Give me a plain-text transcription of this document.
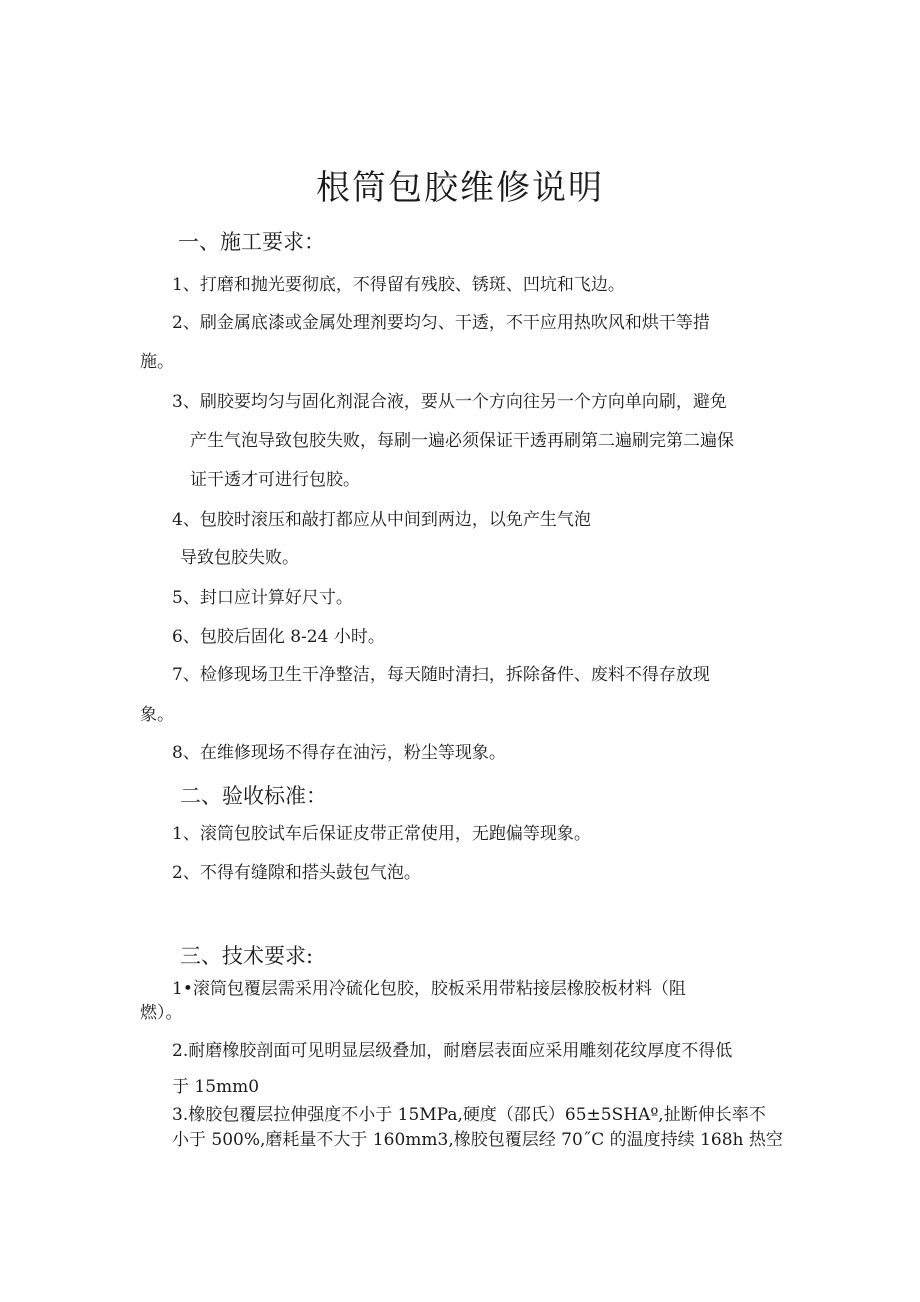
根筒包胶维修说明
一、施工要求：
1、打磨和抛光要彻底，不得留有残胶、锈斑、凹坑和飞边。
2、刷金属底漆或金属处理剂要均匀、干透，不干应用热吹风和烘干等措
施。
3、刷胶要均匀与固化剂混合液，要从一个方向往另一个方向单向刷，避免
产生气泡导致包胶失败，每刷一遍必须保证干透再刷第二遍刷完第二遍保
证干透才可进行包胶。
4、包胶时滚压和敲打都应从中间到两边，以免产生气泡
导致包胶失败。
5、封口应计算好尺寸。
6、包胶后固化 8-24 小时。
7、检修现场卫生干净整洁，每天随时清扫，拆除备件、废料不得存放现
象。
8、在维修现场不得存在油污，粉尘等现象。
二、验收标准：
1、滚筒包胶试车后保证皮带正常使用，无跑偏等现象。
2、不得有缝隙和搭头鼓包气泡。
三、技术要求:
1•滚筒包覆层需采用冷硫化包胶，胶板采用带粘接层橡胶板材料（阻
燃）。
2.耐磨橡胶剖面可见明显层级叠加，耐磨层表面应采用雕刻花纹厚度不得低
于 15mm0
3.橡胶包覆层拉伸强度不小于 15MPa,硬度（邵氏）65±5SHAº,扯断伸长率不
小于 500%,磨耗量不大于 160mm3,橡胶包覆层经 70˝C 的温度持续 168h 热空
